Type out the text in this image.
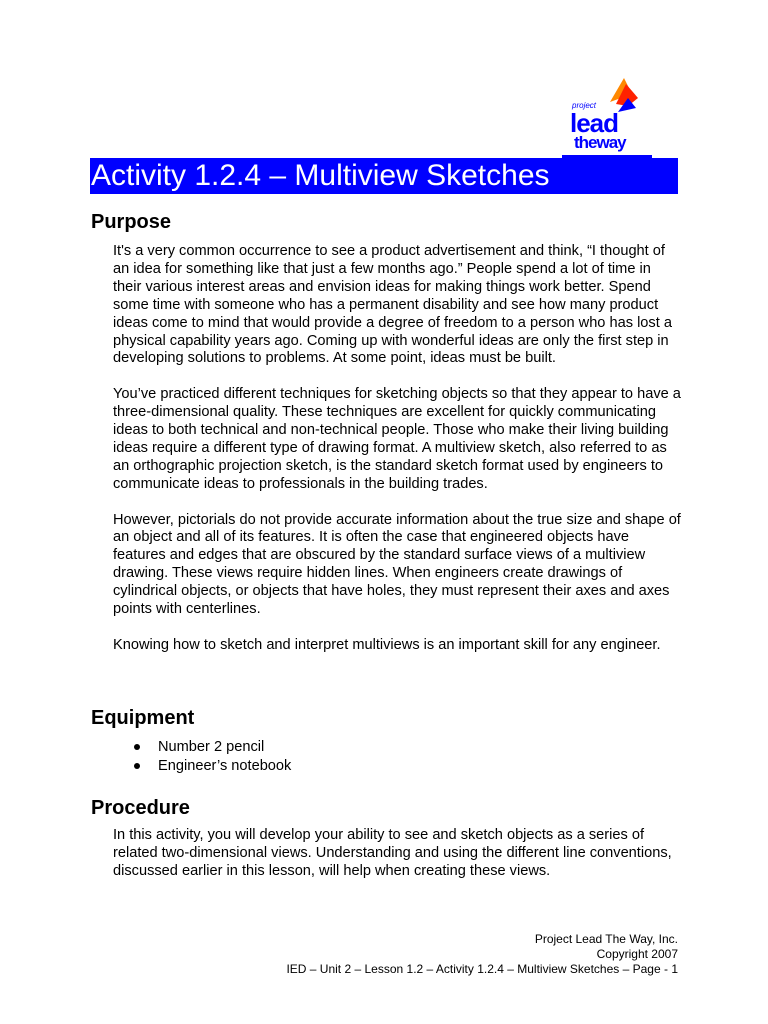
project
lead
theway
Activity 1.2.4 – Multiview Sketches
Purpose

It's a very common occurrence to see a product advertisement and think, “I thought of an idea for something like that just a few months ago.” People spend a lot of time in their various interest areas and envision ideas for making things work better. Spend some time with someone who has a permanent disability and see how many product ideas come to mind that would provide a degree of freedom to a person who has lost a physical capability years ago. Coming up with wonderful ideas are only the first step in developing solutions to problems. At some point, ideas must be built.

You’ve practiced different techniques for sketching objects so that they appear to have a three-dimensional quality. These techniques are excellent for quickly communicating ideas to both technical and non-technical people. Those who make their living building ideas require a different type of drawing format. A multiview sketch, also referred to as an orthographic projection sketch, is the standard sketch format used by engineers to communicate ideas to professionals in the building trades.

However, pictorials do not provide accurate information about the true size and shape of an object and all of its features. It is often the case that engineered objects have features and edges that are obscured by the standard surface views of a multiview drawing. These views require hidden lines. When engineers create drawings of cylindrical objects, or objects that have holes, they must represent their axes and axes points with centerlines.

Knowing how to sketch and interpret multiviews is an important skill for any engineer.

Equipment
Number 2 pencil
Engineer’s notebook
Procedure

In this activity, you will develop your ability to see and sketch objects as a series of related two-dimensional views. Understanding and using the different line conventions, discussed earlier in this lesson, will help when creating these views.

Project Lead The Way, Inc.
Copyright 2007
IED – Unit 2 – Lesson 1.2 – Activity 1.2.4 – Multiview Sketches – Page - 1
